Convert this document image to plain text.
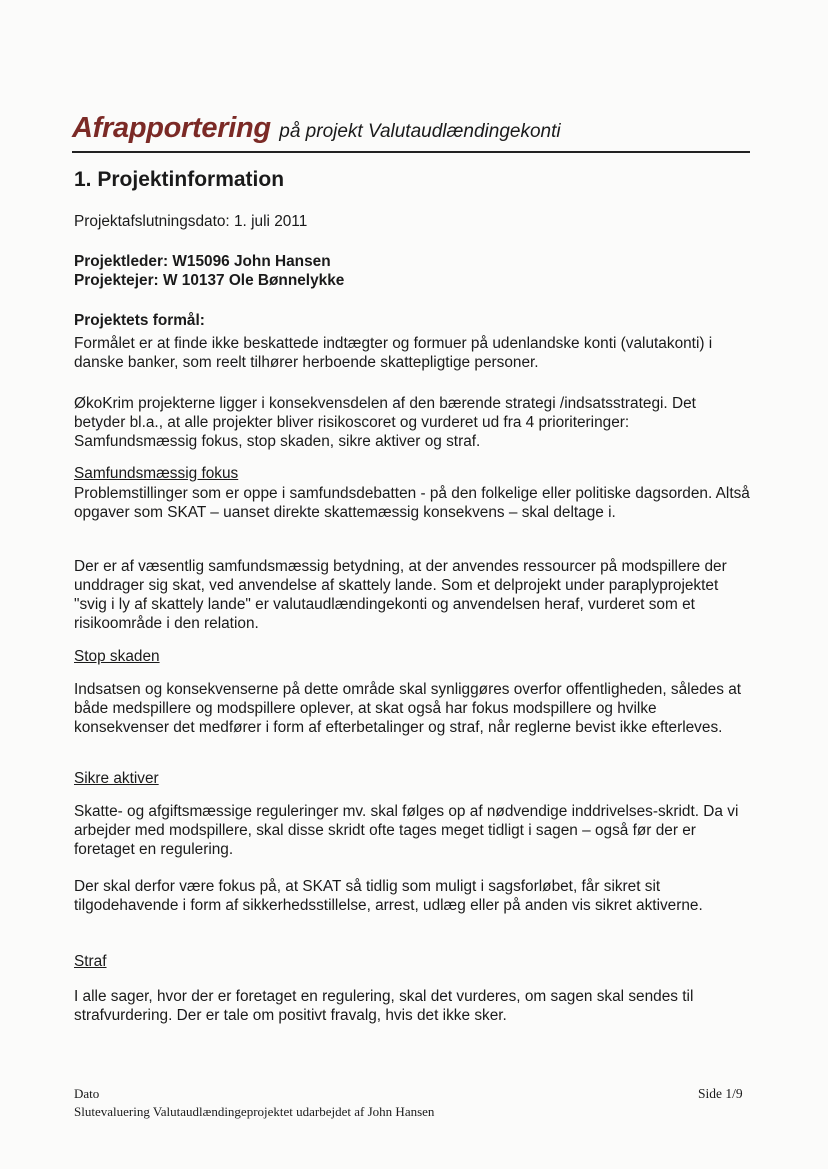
Afrapportering på projekt Valutaudlændingekonti
1. Projektinformation
Projektafslutningsdato: 1. juli 2011
Projektleder: W15096 John Hansen
Projektejer: W 10137 Ole Bønnelykke
Projektets formål:
Formålet er at finde ikke beskattede indtægter og formuer på udenlandske konti (valutakonti) i danske banker, som reelt tilhører herboende skattepligtige personer.
ØkoKrim projekterne ligger i konsekvensdelen af den bærende strategi /indsatsstrategi. Det betyder bl.a., at alle projekter bliver risikoscoret og vurderet ud fra 4 prioriteringer: Samfundsmæssig fokus, stop skaden, sikre aktiver og straf.
Samfundsmæssig fokus
Problemstillinger som er oppe i samfundsdebatten - på den folkelige eller politiske dagsorden. Altså opgaver som SKAT – uanset direkte skattemæssig konsekvens – skal deltage i.
Der er af væsentlig samfundsmæssig betydning, at der anvendes ressourcer på modspillere der unddrager sig skat, ved anvendelse af skattely lande. Som et delprojekt under paraplyprojektet "svig i ly af skattely lande" er valutaudlændingekonti og anvendelsen heraf, vurderet som et risikoområde i den relation.
Stop skaden
Indsatsen og konsekvenserne på dette område skal synliggøres overfor offentligheden, således at både medspillere og modspillere oplever, at skat også har fokus modspillere og hvilke konsekvenser det medfører i form af efterbetalinger og straf, når reglerne bevist ikke efterleves.
Sikre aktiver
Skatte- og afgiftsmæssige reguleringer mv. skal følges op af nødvendige inddrivelses-skridt. Da vi arbejder med modspillere, skal disse skridt ofte tages meget tidligt i sagen – også før der er foretaget en regulering.
Der skal derfor være fokus på, at SKAT så tidlig som muligt i sagsforløbet, får sikret sit tilgodehavende i form af sikkerhedsstillelse, arrest, udlæg eller på anden vis sikret aktiverne.
Straf
I alle sager, hvor der er foretaget en regulering, skal det vurderes, om sagen skal sendes til strafvurdering. Der er tale om positivt fravalg, hvis det ikke sker.
Dato
Slutevaluering Valutaudlændingeprojektet udarbejdet af John Hansen
Side 1/9
